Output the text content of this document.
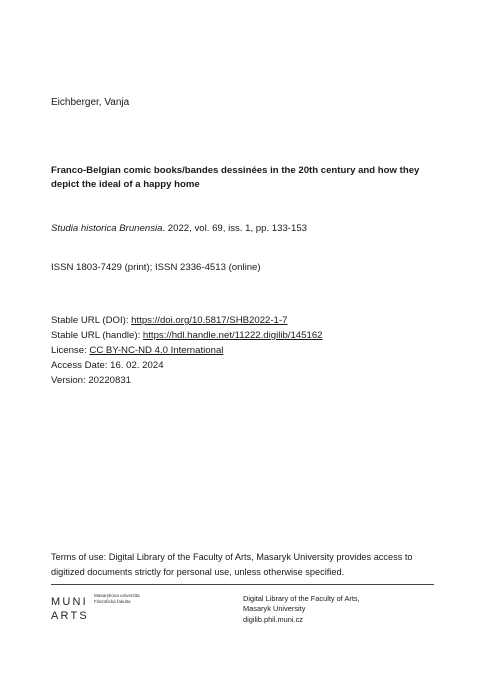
Eichberger, Vanja
Franco-Belgian comic books/bandes dessinées in the 20th century and how they depict the ideal of a happy home
Studia historica Brunensia. 2022, vol. 69, iss. 1, pp. 133-153
ISSN 1803-7429 (print); ISSN 2336-4513 (online)
Stable URL (DOI): https://doi.org/10.5817/SHB2022-1-7
Stable URL (handle): https://hdl.handle.net/11222.digilib/145162
License: CC BY-NC-ND 4.0 International
Access Date: 16. 02. 2024
Version: 20220831
Terms of use: Digital Library of the Faculty of Arts, Masaryk University provides access to digitized documents strictly for personal use, unless otherwise specified.
MUNI
ARTS
Masarykova univerzita
Filozofická fakulta	Digital Library of the Faculty of Arts,
Masaryk University
digilib.phil.muni.cz
